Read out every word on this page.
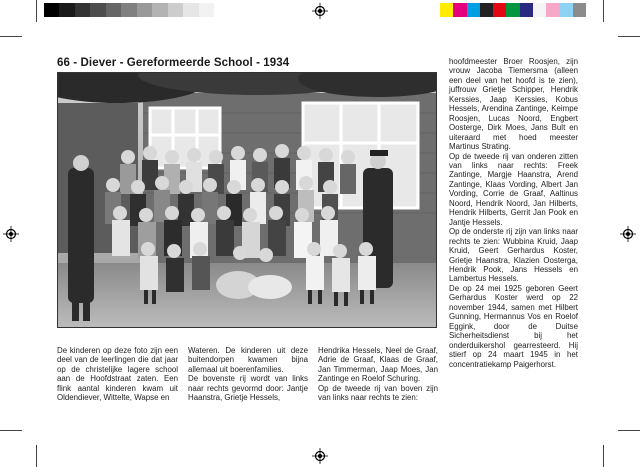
66 - Diever - Gereformeerde School - 1934
De kinderen op deze foto zijn een deel van de leerlingen die dat jaar op de christelijke lagere school aan de Hoofdstraat zaten. Een flink aantal kinderen kwam uit Oldendiever, Wittelte, Wapse en
Wateren. De kinderen uit deze buitendorpen kwamen bijna allemaal uit boerenfamilies.
De bovenste rij wordt van links naar rechts gevormd door: Jantje Haanstra, Grietje Hessels,
Hendrika Hessels, Neel de Graaf, Adrie de Graaf, Klaas de Graaf, Jan Timmerman, Jaap Moes, Jan Zantinge en Roelof Schuring.
Op de tweede rij van boven zijn van links naar rechts te zien:
hoofdmeester Broer Roosjen, zijn vrouw Jacoba Tiemersma (alleen een deel van het hoofd is te zien), juffrouw Grietje Schipper, Hendrik Kerssies, Jaap Kerssies, Kobus Hessels, Arendina Zantinge, Keimpe Roosjen, Lucas Noord, Engbert Oosterge, Dirk Moes, Jans Bult en uiteraard met hoed meester Martinus Strating.
Op de tweede rij van onderen zitten van links naar rechts: Freek Zantinge, Margje Haanstra, Arend Zantinge, Klaas Vording, Albert Jan Vording, Corrie de Graaf, Aaltinus Noord, Hendrik Noord, Jan Hilberts, Hendrik Hilberts, Gerrit Jan Pook en Jantje Hessels.
Op de onderste rij zijn van links naar rechts te zien: Wubbina Kruid, Jaap Kruid, Geert Gerhardus Koster, Grietje Haanstra, Klazien Oosterga, Hendrik Pook, Jans Hessels en Lambertus Hessels.
De op 24 mei 1925 geboren Geert Gerhardus Koster werd op 22 november 1944, samen met Hilbert Gunning, Hermannus Vos en Roelof Eggink, door de Duitse Sicherheitsdienst bij het onderduikershol gearresteerd. Hij stierf op 24 maart 1945 in het concentratiekamp Paigerhorst.
